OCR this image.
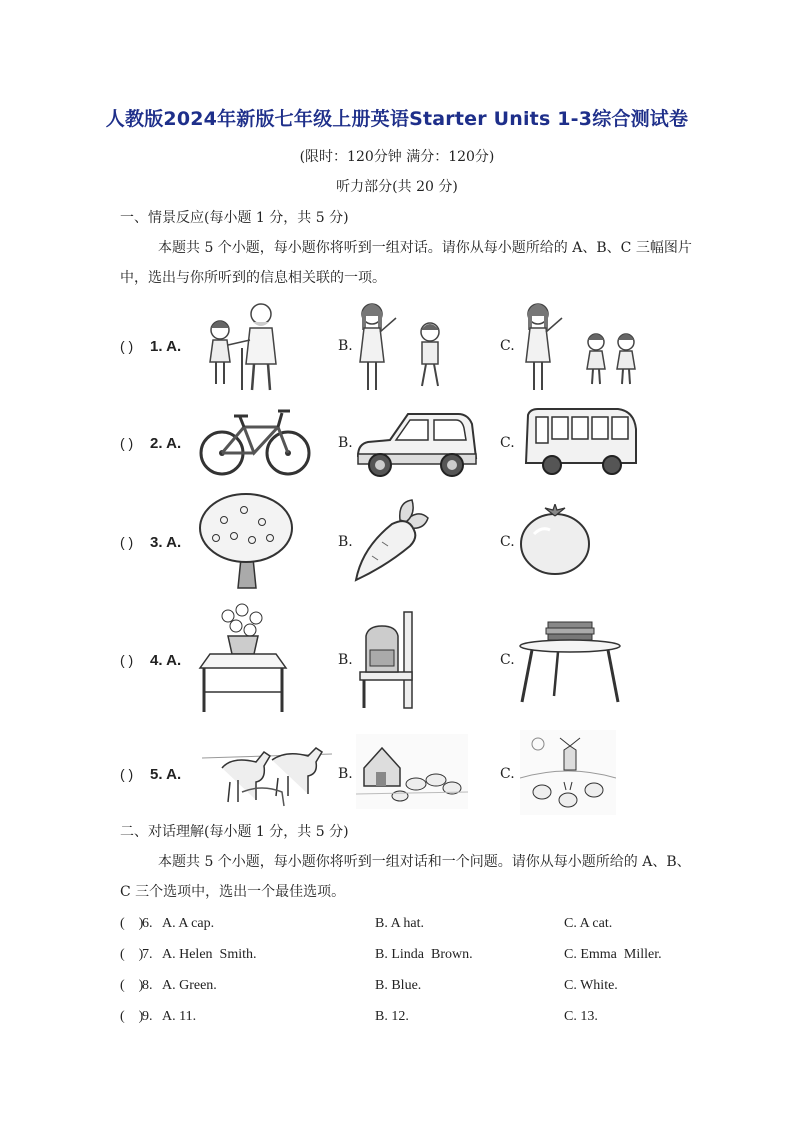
人教版2024年新版七年级上册英语Starter Units 1-3综合测试卷
(限时：120分钟 满分：120分)
听力部分(共 20 分)
一、情景反应(每小题 1 分，共 5 分)
本题共 5 个小题，每小题你将听到一组对话。请你从每小题所给的 A、B、C 三幅图片中，选出与你所听到的信息相关联的一项。
( ) 1. A.	B.	C.
( ) 2. A.	B.	C.
( ) 3. A.	B.	C.
( ) 4. A.	B.	C.
( ) 5. A.	B.	C.
二、对话理解(每小题 1 分，共 5 分)
本题共 5 个小题，每小题你将听到一组对话和一个问题。请你从每小题所给的 A、B、C 三个选项中，选出一个最佳选项。
(    )
6. A. A cap.	B. A hat.	C. A cat.
(    )
7. A. Helen  Smith.	B. Linda  Brown.	C. Emma  Miller.
(    )
8. A. Green.	B. Blue.	C. White.
(    )
9. A. 11.	B. 12.	C. 13.
